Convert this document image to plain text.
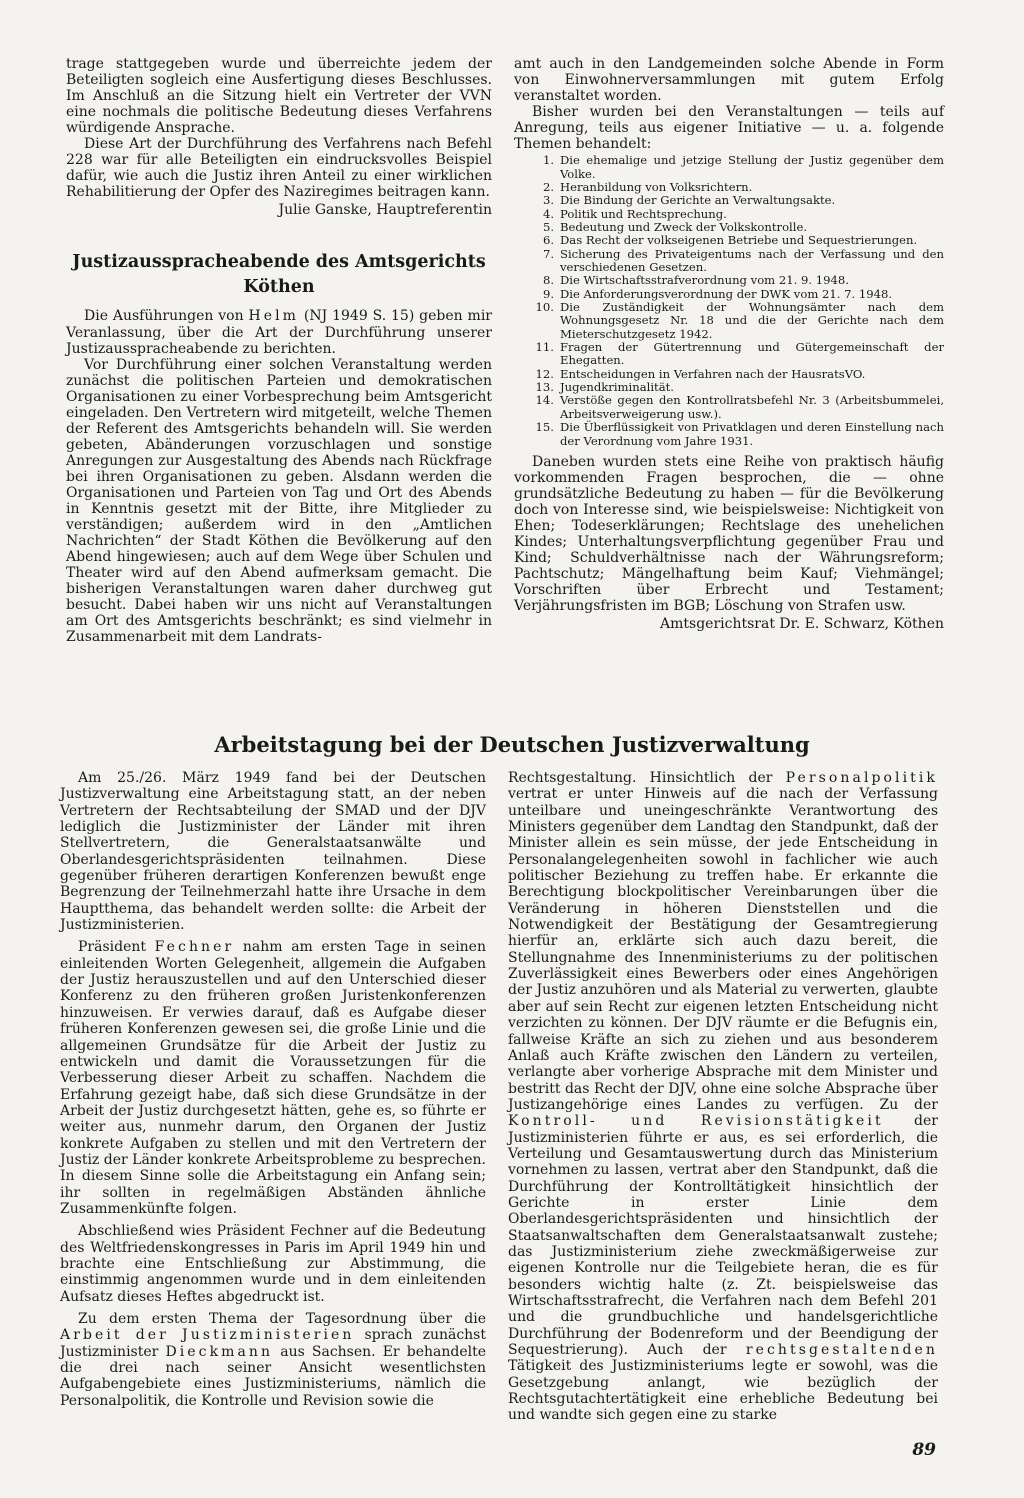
trage stattgegeben wurde und überreichte jedem der Beteiligten sogleich eine Ausfertigung dieses Beschlusses. Im Anschluß an die Sitzung hielt ein Vertreter der VVN eine nochmals die politische Bedeutung dieses Verfahrens würdigende Ansprache.

Diese Art der Durchführung des Verfahrens nach Befehl 228 war für alle Beteiligten ein eindrucksvolles Beispiel dafür, wie auch die Justiz ihren Anteil zu einer wirklichen Rehabilitierung der Opfer des Naziregimes beitragen kann.

Julie Ganske, Hauptreferentin

Justizausspracheabende des Amtsgerichts Köthen

Die Ausführungen von Helm (NJ 1949 S. 15) geben mir Veranlassung, über die Art der Durchführung unserer Justizausspracheabende zu berichten.

Vor Durchführung einer solchen Veranstaltung werden zunächst die politischen Parteien und demokratischen Organisationen zu einer Vorbesprechung beim Amtsgericht eingeladen. Den Vertretern wird mitgeteilt, welche Themen der Referent des Amtsgerichts behandeln will. Sie werden gebeten, Abänderungen vorzuschlagen und sonstige Anregungen zur Ausgestaltung des Abends nach Rückfrage bei ihren Organisationen zu geben. Alsdann werden die Organisationen und Parteien von Tag und Ort des Abends in Kenntnis gesetzt mit der Bitte, ihre Mitglieder zu verständigen; außerdem wird in den „Amtlichen Nachrichten“ der Stadt Köthen die Bevölkerung auf den Abend hingewiesen; auch auf dem Wege über Schulen und Theater wird auf den Abend aufmerksam gemacht. Die bisherigen Veranstaltungen waren daher durchweg gut besucht. Dabei haben wir uns nicht auf Veranstaltungen am Ort des Amtsgerichts beschränkt; es sind vielmehr in Zusammenarbeit mit dem Landrats-

amt auch in den Landgemeinden solche Abende in Form von Einwohnerversammlungen mit gutem Erfolg veranstaltet worden.

Bisher wurden bei den Veranstaltungen — teils auf Anregung, teils aus eigener Initiative — u. a. folgende Themen behandelt:

1. Die ehemalige und jetzige Stellung der Justiz gegenüber dem Volke.
2. Heranbildung von Volksrichtern.
3. Die Bindung der Gerichte an Verwaltungsakte.
4. Politik und Rechtsprechung.
5. Bedeutung und Zweck der Volkskontrolle.
6. Das Recht der volkseigenen Betriebe und Sequestrierungen.
7. Sicherung des Privateigentums nach der Verfassung und den verschiedenen Gesetzen.
8. Die Wirtschaftsstrafverordnung vom 21. 9. 1948.
9. Die Anforderungsverordnung der DWK vom 21. 7. 1948.
10. Die Zuständigkeit der Wohnungsämter nach dem Wohnungsgesetz Nr. 18 und die der Gerichte nach dem Mieterschutzgesetz 1942.
11. Fragen der Gütertrennung und Gütergemeinschaft der Ehegatten.
12. Entscheidungen in Verfahren nach der HausratsVO.
13. Jugendkriminalität.
14. Verstöße gegen den Kontrollratsbefehl Nr. 3 (Arbeitsbummelei, Arbeitsverweigerung usw.).
15. Die Überflüssigkeit von Privatklagen und deren Einstellung nach der Verordnung vom Jahre 1931.

Daneben wurden stets eine Reihe von praktisch häufig vorkommenden Fragen besprochen, die — ohne grundsätzliche Bedeutung zu haben — für die Bevölkerung doch von Interesse sind, wie beispielsweise: Nichtigkeit von Ehen; Todeserklärungen; Rechtslage des unehelichen Kindes; Unterhaltungsverpflichtung gegenüber Frau und Kind; Schuldverhältnisse nach der Währungsreform; Pachtschutz; Mängelhaftung beim Kauf; Viehmängel; Vorschriften über Erbrecht und Testament; Verjährungsfristen im BGB; Löschung von Strafen usw.

Amtsgerichtsrat Dr. E. Schwarz, Köthen

Arbeitstagung bei der Deutschen Justizverwaltung

Am 25./26. März 1949 fand bei der Deutschen Justizverwaltung eine Arbeitstagung statt, an der neben Vertretern der Rechtsabteilung der SMAD und der DJV lediglich die Justizminister der Länder mit ihren Stellvertretern, die Generalstaatsanwälte und Oberlandesgerichtspräsidenten teilnahmen. Diese gegenüber früheren derartigen Konferenzen bewußt enge Begrenzung der Teilnehmerzahl hatte ihre Ursache in dem Hauptthema, das behandelt werden sollte: die Arbeit der Justizministerien.

Präsident Fechner nahm am ersten Tage in seinen einleitenden Worten Gelegenheit, allgemein die Aufgaben der Justiz herauszustellen und auf den Unterschied dieser Konferenz zu den früheren großen Juristenkonferenzen hinzuweisen. Er verwies darauf, daß es Aufgabe dieser früheren Konferenzen gewesen sei, die große Linie und die allgemeinen Grundsätze für die Arbeit der Justiz zu entwickeln und damit die Voraussetzungen für die Verbesserung dieser Arbeit zu schaffen. Nachdem die Erfahrung gezeigt habe, daß sich diese Grundsätze in der Arbeit der Justiz durchgesetzt hätten, gehe es, so führte er weiter aus, nunmehr darum, den Organen der Justiz konkrete Aufgaben zu stellen und mit den Vertretern der Justiz der Länder konkrete Arbeitsprobleme zu besprechen. In diesem Sinne solle die Arbeitstagung ein Anfang sein; ihr sollten in regelmäßigen Abständen ähnliche Zusammenkünfte folgen.

Abschließend wies Präsident Fechner auf die Bedeutung des Weltfriedenskongresses in Paris im April 1949 hin und brachte eine Entschließung zur Abstimmung, die einstimmig angenommen wurde und in dem einleitenden Aufsatz dieses Heftes abgedruckt ist.

Zu dem ersten Thema der Tagesordnung über die Arbeit der Justizministerien sprach zunächst Justizminister Dieckmann aus Sachsen. Er behandelte die drei nach seiner Ansicht wesentlichsten Aufgabengebiete eines Justizministeriums, nämlich die Personalpolitik, die Kontrolle und Revision sowie die

Rechtsgestaltung. Hinsichtlich der Personalpolitik vertrat er unter Hinweis auf die nach der Verfassung unteilbare und uneingeschränkte Verantwortung des Ministers gegenüber dem Landtag den Standpunkt, daß der Minister allein es sein müsse, der jede Entscheidung in Personalangelegenheiten sowohl in fachlicher wie auch politischer Beziehung zu treffen habe. Er erkannte die Berechtigung blockpolitischer Vereinbarungen über die Veränderung in höheren Dienststellen und die Notwendigkeit der Bestätigung der Gesamtregierung hierfür an, erklärte sich auch dazu bereit, die Stellungnahme des Innenministeriums zu der politischen Zuverlässigkeit eines Bewerbers oder eines Angehörigen der Justiz anzuhören und als Material zu verwerten, glaubte aber auf sein Recht zur eigenen letzten Entscheidung nicht verzichten zu können. Der DJV räumte er die Befugnis ein, fallweise Kräfte an sich zu ziehen und aus besonderem Anlaß auch Kräfte zwischen den Ländern zu verteilen, verlangte aber vorherige Absprache mit dem Minister und bestritt das Recht der DJV, ohne eine solche Absprache über Justizangehörige eines Landes zu verfügen. Zu der Kontroll- und Revisionstätigkeit der Justizministerien führte er aus, es sei erforderlich, die Verteilung und Gesamtauswertung durch das Ministerium vornehmen zu lassen, vertrat aber den Standpunkt, daß die Durchführung der Kontrolltätigkeit hinsichtlich der Gerichte in erster Linie dem Oberlandesgerichtspräsidenten und hinsichtlich der Staatsanwaltschaften dem Generalstaatsanwalt zustehe; das Justizministerium ziehe zweckmäßigerweise zur eigenen Kontrolle nur die Teilgebiete heran, die es für besonders wichtig halte (z. Zt. beispielsweise das Wirtschaftsstrafrecht, die Verfahren nach dem Befehl 201 und die grundbuchliche und handelsgerichtliche Durchführung der Bodenreform und der Beendigung der Sequestrierung). Auch der rechtsgestaltenden Tätigkeit des Justizministeriums legte er sowohl, was die Gesetzgebung anlangt, wie bezüglich der Rechtsgutachtertätigkeit eine erhebliche Bedeutung bei und wandte sich gegen eine zu starke

89
